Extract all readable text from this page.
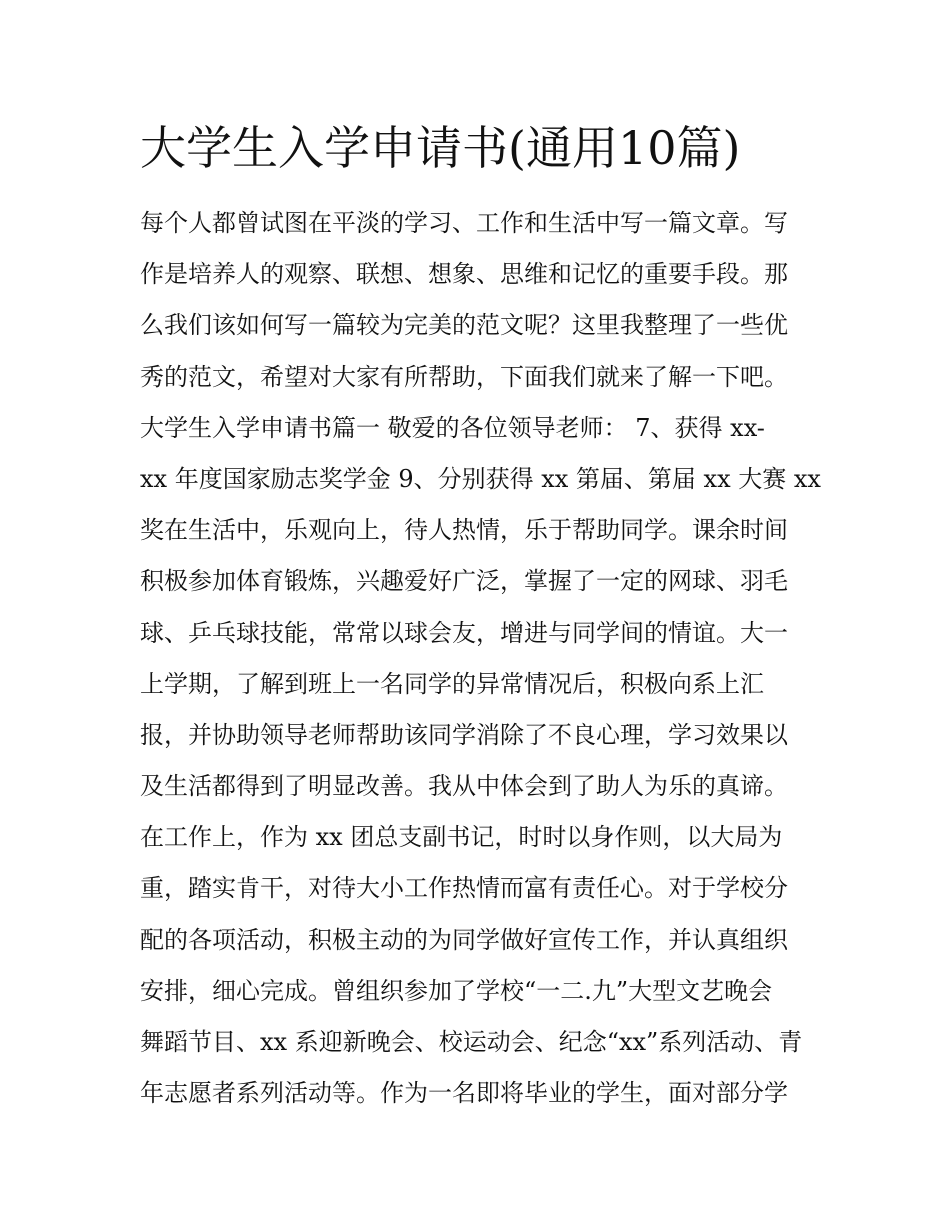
大学生入学申请书(通用10篇)
每个人都曾试图在平淡的学习、工作和生活中写一篇文章。写
作是培养人的观察、联想、想象、思维和记忆的重要手段。那
么我们该如何写一篇较为完美的范文呢？这里我整理了一些优
秀的范文，希望对大家有所帮助，下面我们就来了解一下吧。
大学生入学申请书篇一 敬爱的各位领导老师： 7、获得 xx-
xx 年度国家励志奖学金 9、分别获得 xx 第届、第届 xx 大赛 xx
奖在生活中，乐观向上，待人热情，乐于帮助同学。课余时间
积极参加体育锻炼，兴趣爱好广泛，掌握了一定的网球、羽毛
球、乒乓球技能，常常以球会友，增进与同学间的情谊。大一
上学期，了解到班上一名同学的异常情况后，积极向系上汇
报，并协助领导老师帮助该同学消除了不良心理，学习效果以
及生活都得到了明显改善。我从中体会到了助人为乐的真谛。
在工作上，作为 xx 团总支副书记，时时以身作则，以大局为
重，踏实肯干，对待大小工作热情而富有责任心。对于学校分
配的各项活动，积极主动的为同学做好宣传工作，并认真组织
安排，细心完成。曾组织参加了学校“一二.九”大型文艺晚会
舞蹈节目、xx 系迎新晚会、校运动会、纪念“xx”系列活动、青
年志愿者系列活动等。作为一名即将毕业的学生，面对部分学
